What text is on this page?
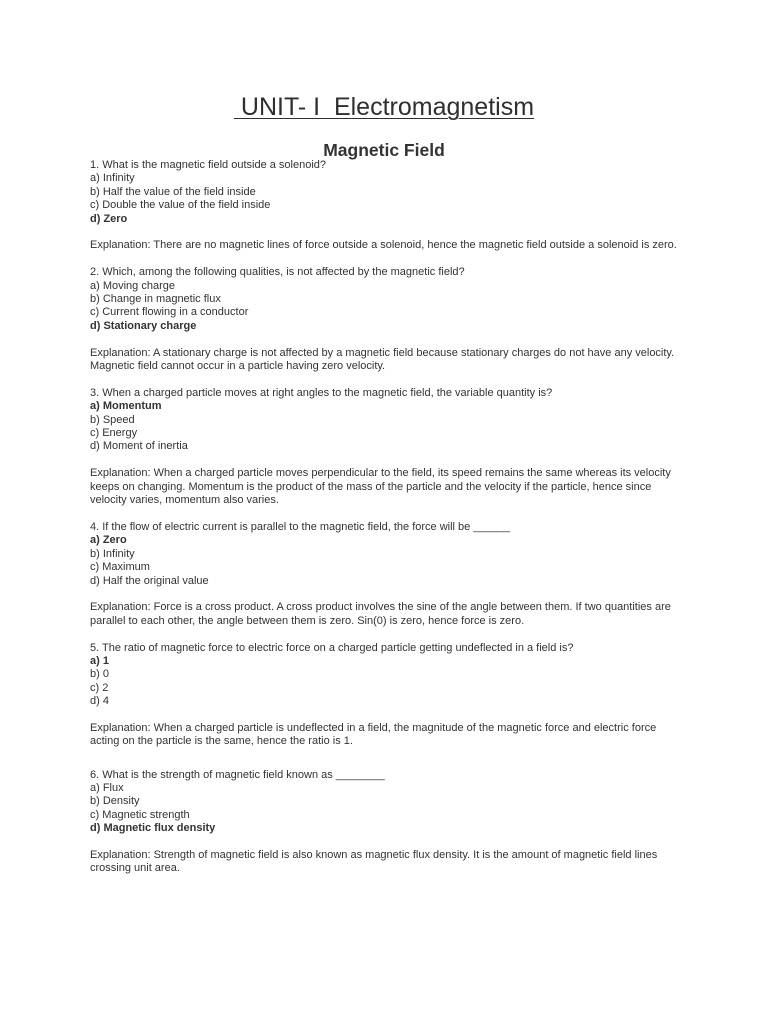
UNIT- I  Electromagnetism
Magnetic Field
1. What is the magnetic field outside a solenoid?
a) Infinity
b) Half the value of the field inside
c) Double the value of the field inside
d) Zero
Explanation: There are no magnetic lines of force outside a solenoid, hence the magnetic field outside a solenoid is zero.
2. Which, among the following qualities, is not affected by the magnetic field?
a) Moving charge
b) Change in magnetic flux
c) Current flowing in a conductor
d) Stationary charge
Explanation: A stationary charge is not affected by a magnetic field because stationary charges do not have any velocity. Magnetic field cannot occur in a particle having zero velocity.
3. When a charged particle moves at right angles to the magnetic field, the variable quantity is?
a) Momentum
b) Speed
c) Energy
d) Moment of inertia
Explanation: When a charged particle moves perpendicular to the field, its speed remains the same whereas its velocity keeps on changing. Momentum is the product of the mass of the particle and the velocity if the particle, hence since velocity varies, momentum also varies.
4. If the flow of electric current is parallel to the magnetic field, the force will be ______
a) Zero
b) Infinity
c) Maximum
d) Half the original value
Explanation: Force is a cross product. A cross product involves the sine of the angle between them. If two quantities are parallel to each other, the angle between them is zero. Sin(0) is zero, hence force is zero.
5. The ratio of magnetic force to electric force on a charged particle getting undeflected in a field is?
a) 1
b) 0
c) 2
d) 4
Explanation: When a charged particle is undeflected in a field, the magnitude of the magnetic force and electric force acting on the particle is the same, hence the ratio is 1.
6. What is the strength of magnetic field known as ________
a) Flux
b) Density
c) Magnetic strength
d) Magnetic flux density
Explanation: Strength of magnetic field is also known as magnetic flux density. It is the amount of magnetic field lines crossing unit area.
